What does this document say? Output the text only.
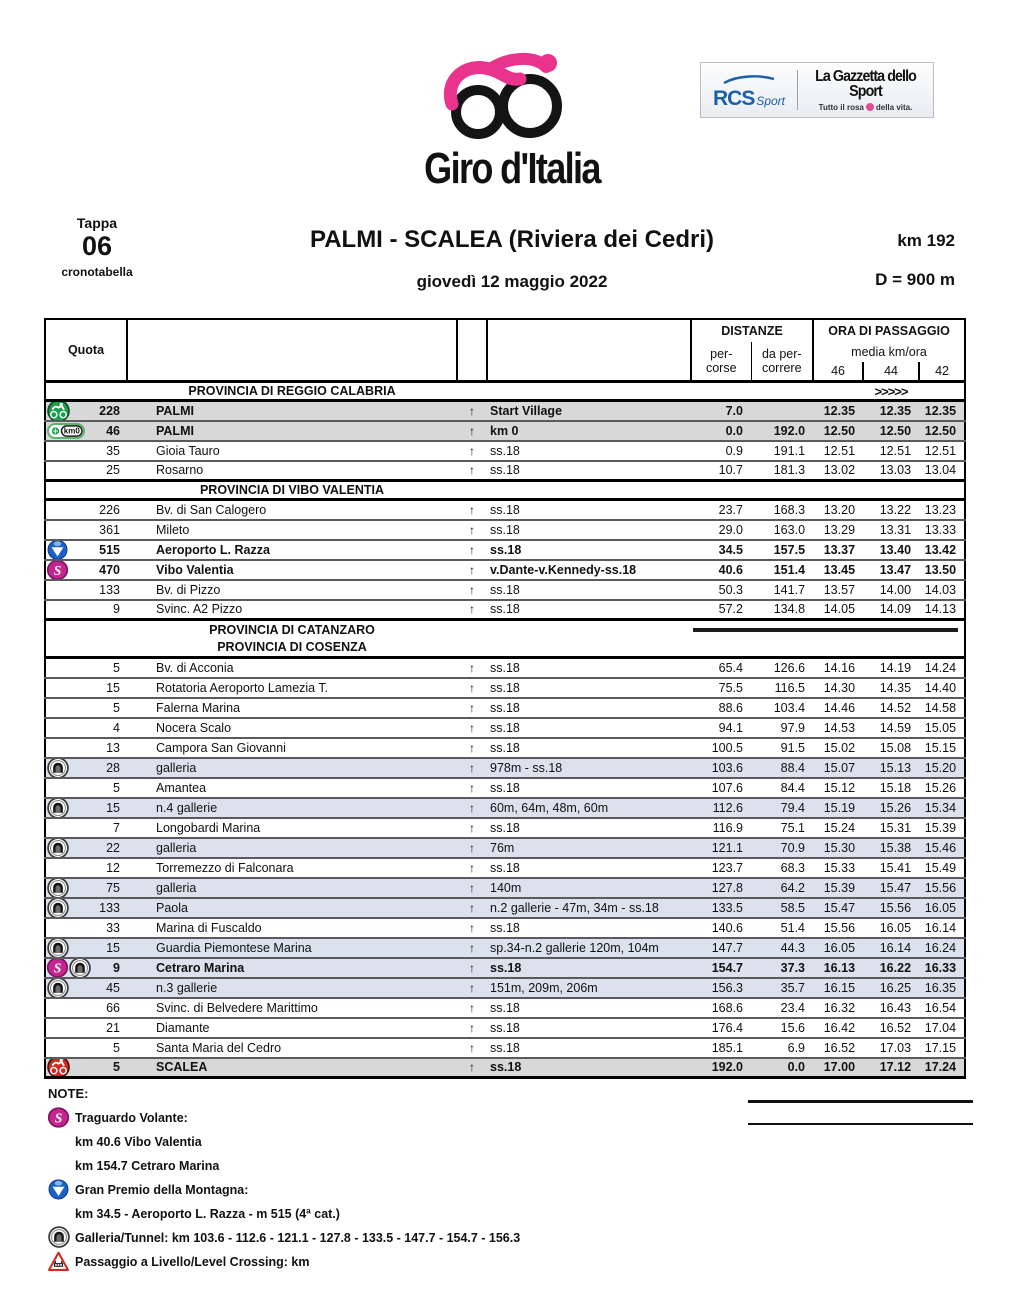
Giro d'Italia

RCS Sport
La Gazzetta dello Sport
Tutto il rosa della vita.
Tappa
06
cronotabella
PALMI - SCALEA (Riviera dei Cedri)	km 192
giovedì 12 maggio 2022	D = 900 m
Quota				DISTANZE		ORA DI PASSAGGIO		
				per-
corse	da per-
correre	media km/ora		
						46	44	42
	PROVINCIA DI REGGIO CALABRIA						>>>>>	

228	PALMI	↑	Start Village	7.0		12.35	12.35	12.35

km0 46	PALMI	↑	km 0	0.0	192.0	12.50	12.50	12.50

35	Gioia Tauro	↑	ss.18	0.9	191.1	12.51	12.51	12.51

25	Rosarno	↑	ss.18	10.7	181.3	13.02	13.03	13.04
	PROVINCIA DI VIBO VALENTIA							

226	Bv. di San Calogero	↑	ss.18	23.7	168.3	13.20	13.22	13.23

361	Mileto	↑	ss.18	29.0	163.0	13.29	13.31	13.33

515	Aeroporto L. Razza	↑	ss.18	34.5	157.5	13.37	13.40	13.42

S 470	Vibo Valentia	↑	v.Dante-v.Kennedy-ss.18	40.6	151.4	13.45	13.47	13.50

133	Bv. di Pizzo	↑	ss.18	50.3	141.7	13.57	14.00	14.03

9	Svinc. A2 Pizzo	↑	ss.18	57.2	134.8	14.05	14.09	14.13
	PROVINCIA DI CATANZARO							

	PROVINCIA DI COSENZA							

5	Bv. di Acconia	↑	ss.18	65.4	126.6	14.16	14.19	14.24

15	Rotatoria Aeroporto Lamezia T.	↑	ss.18	75.5	116.5	14.30	14.35	14.40

5	Falerna Marina	↑	ss.18	88.6	103.4	14.46	14.52	14.58

4	Nocera Scalo	↑	ss.18	94.1	97.9	14.53	14.59	15.05

13	Campora San Giovanni	↑	ss.18	100.5	91.5	15.02	15.08	15.15

28	galleria	↑	978m - ss.18	103.6	88.4	15.07	15.13	15.20

5	Amantea	↑	ss.18	107.6	84.4	15.12	15.18	15.26

15	n.4 gallerie	↑	60m, 64m, 48m, 60m	112.6	79.4	15.19	15.26	15.34

7	Longobardi Marina	↑	ss.18	116.9	75.1	15.24	15.31	15.39

22	galleria	↑	76m	121.1	70.9	15.30	15.38	15.46

12	Torremezzo di Falconara	↑	ss.18	123.7	68.3	15.33	15.41	15.49

75	galleria	↑	140m	127.8	64.2	15.39	15.47	15.56

133	Paola	↑	n.2 gallerie - 47m, 34m - ss.18	133.5	58.5	15.47	15.56	16.05

33	Marina di Fuscaldo	↑	ss.18	140.6	51.4	15.56	16.05	16.14

15	Guardia Piemontese Marina	↑	sp.34-n.2 gallerie 120m, 104m	147.7	44.3	16.05	16.14	16.24

S 9	Cetraro Marina	↑	ss.18	154.7	37.3	16.13	16.22	16.33

45	n.3 gallerie	↑	151m, 209m, 206m	156.3	35.7	16.15	16.25	16.35

66	Svinc. di Belvedere Marittimo	↑	ss.18	168.6	23.4	16.32	16.43	16.54

21	Diamante	↑	ss.18	176.4	15.6	16.42	16.52	17.04

5	Santa Maria del Cedro	↑	ss.18	185.1	6.9	16.52	17.03	17.15

5	SCALEA	↑	ss.18	192.0	0.0	17.00	17.12	17.24
NOTE:
S Traguardo Volante:
km 40.6 Vibo Valentia
km 154.7 Cetraro Marina
Gran Premio della Montagna:
km 34.5 - Aeroporto L. Razza - m 515 (4ª cat.)
Galleria/Tunnel: km 103.6 - 112.6 - 121.1 - 127.8 - 133.5 - 147.7 - 154.7 - 156.3
Passaggio a Livello/Level Crossing: km
